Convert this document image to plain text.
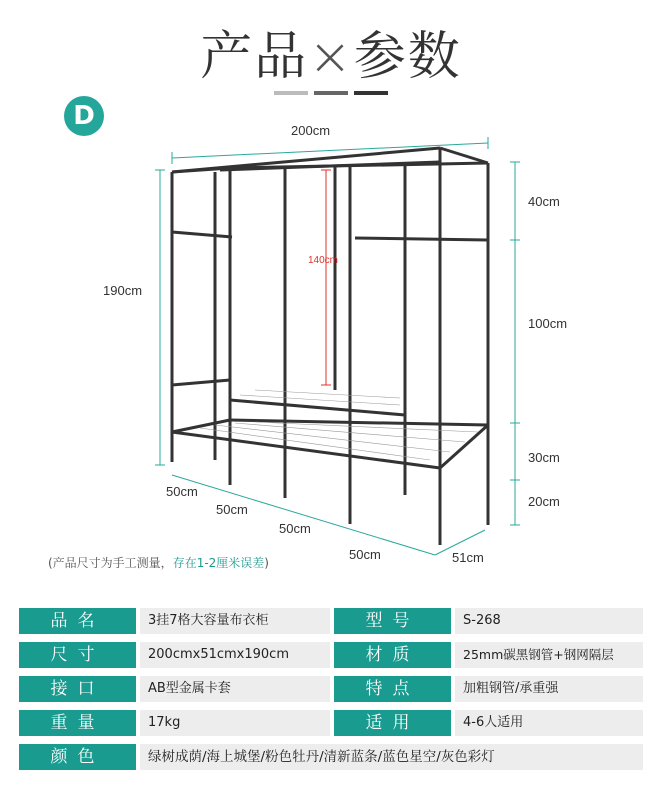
产品×参数
D	200cm
190cm
140cm
40cm
100cm
30cm
20cm
50cm
50cm
50cm
50cm	51cm
(产品尺寸为手工测量，存在1-2厘米误差)
品名	3挂7格大容量布衣柜	型号	S-268
尺寸	200cmx51cmx190cm	材质	25mm碳黑钢管+钢网隔层
接口	AB型金属卡套	特点	加粗钢管/承重强
重量	17kg	适用	4-6人适用
颜色	绿树成荫/海上城堡/粉色牡丹/清新蓝条/蓝色星空/灰色彩灯
